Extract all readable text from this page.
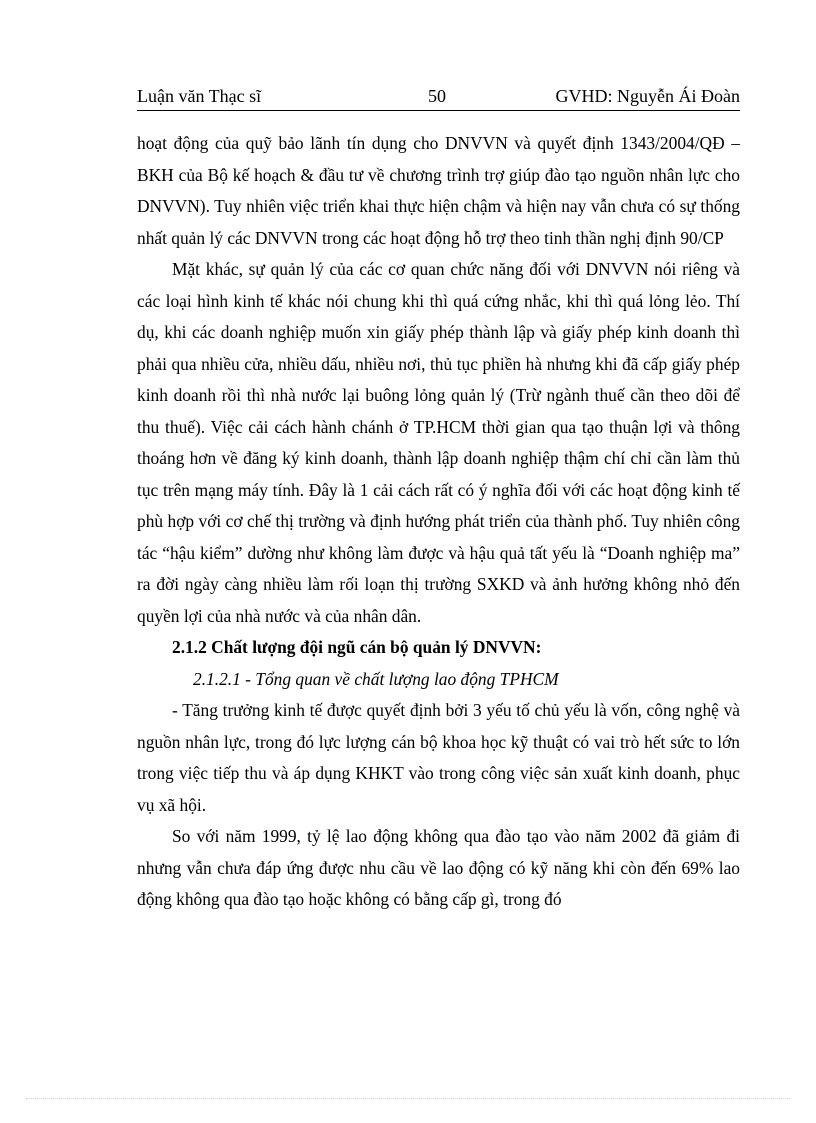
Luận văn Thạc sĩ	50	GVHD: Nguyễn Ái Đoàn

hoạt động của quỹ bảo lãnh tín dụng cho DNVVN và quyết định 1343/2004/QĐ – BKH của Bộ kế hoạch & đầu tư về chương trình trợ giúp đào tạo nguồn nhân lực cho DNVVN). Tuy nhiên việc triển khai thực hiện chậm và hiện nay vẫn chưa có sự thống nhất quản lý các DNVVN trong các hoạt động hỗ trợ theo tinh thần nghị định 90/CP

Mặt khác, sự quản lý của các cơ quan chức năng đối với DNVVN nói riêng và các loại hình kinh tế khác nói chung khi thì quá cứng nhắc, khi thì quá lỏng lẻo. Thí dụ, khi các doanh nghiệp muốn xin giấy phép thành lập và giấy phép kinh doanh thì phải qua nhiều cửa, nhiều dấu, nhiều nơi, thủ tục phiền hà nhưng khi đã cấp giấy phép kinh doanh rồi thì nhà nước lại buông lỏng quản lý (Trừ ngành thuế cần theo dõi để thu thuế). Việc cải cách hành chánh ở TP.HCM thời gian qua tạo thuận lợi và thông thoáng hơn về đăng ký kinh doanh, thành lập doanh nghiệp thậm chí chỉ cần làm thủ tục trên mạng máy tính. Đây là 1 cải cách rất có ý nghĩa đối với các hoạt động kinh tế phù hợp với cơ chế thị trường và định hướng phát triển của thành phố. Tuy nhiên công tác “hậu kiểm” dường như không làm được và hậu quả tất yếu là “Doanh nghiệp ma” ra đời ngày càng nhiều làm rối loạn thị trường SXKD và ảnh hưởng không nhỏ đến quyền lợi của nhà nước và của nhân dân.

2.1.2 Chất lượng đội ngũ cán bộ quản lý DNVVN:

2.1.2.1 - Tổng quan về chất lượng lao động TPHCM

- Tăng trưởng kinh tế được quyết định bởi 3 yếu tố chủ yếu là vốn, công nghệ và nguồn nhân lực, trong đó lực lượng cán bộ khoa học kỹ thuật có vai trò hết sức to lớn trong việc tiếp thu và áp dụng KHKT vào trong công việc sản xuất kinh doanh, phục vụ xã hội.

So với năm 1999, tỷ lệ lao động không qua đào tạo vào năm 2002 đã giảm đi nhưng vẫn chưa đáp ứng được nhu cầu về lao động có kỹ năng khi còn đến 69% lao động không qua đào tạo hoặc không có bằng cấp gì, trong đó
